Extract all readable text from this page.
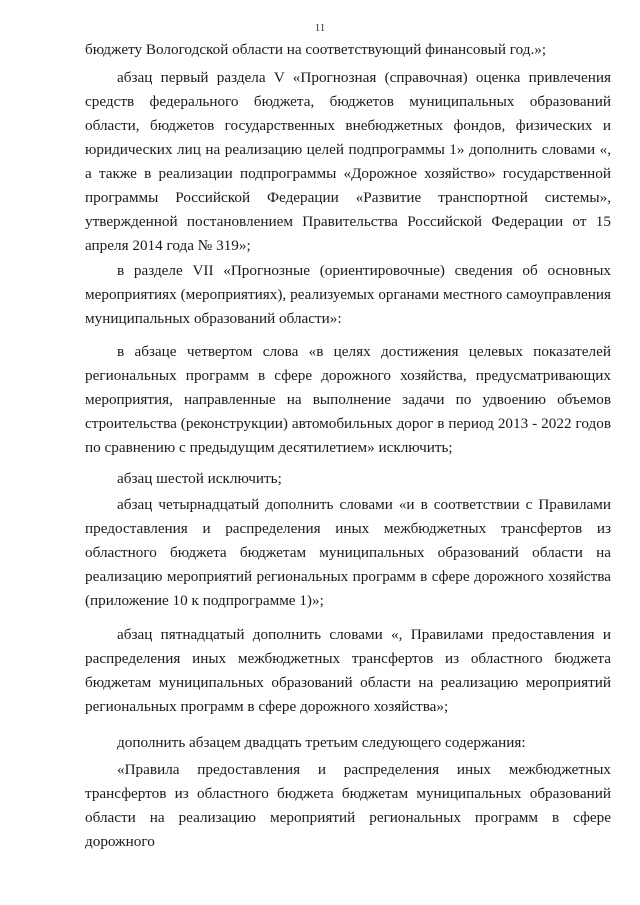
11
бюджету Вологодской области на соответствующий финансовый год.»;
абзац первый раздела V «Прогнозная (справочная) оценка привлечения средств федерального бюджета, бюджетов муниципальных образований области, бюджетов государственных внебюджетных фондов, физических и юридических лиц на реализацию целей подпрограммы 1» дополнить словами «, а также в реализации подпрограммы «Дорожное хозяйство» государственной программы Российской Федерации «Развитие транспортной системы», утвержденной постановлением Правительства Российской Федерации от 15 апреля 2014 года № 319»;
в разделе VII «Прогнозные (ориентировочные) сведения об основных мероприятиях (мероприятиях), реализуемых органами местного самоуправления муниципальных образований области»:
в абзаце четвертом слова «в целях достижения целевых показателей региональных программ в сфере дорожного хозяйства, предусматривающих мероприятия, направленные на выполнение задачи по удвоению объемов строительства (реконструкции) автомобильных дорог в период 2013 - 2022 годов по сравнению с предыдущим десятилетием» исключить;
абзац шестой исключить;
абзац четырнадцатый дополнить словами «и в соответствии с Правилами предоставления и распределения иных межбюджетных трансфертов из областного бюджета бюджетам муниципальных образований области на реализацию мероприятий региональных программ в сфере дорожного хозяйства (приложение 10 к подпрограмме 1)»;
абзац пятнадцатый дополнить словами «, Правилами предоставления и распределения иных межбюджетных трансфертов из областного бюджета бюджетам муниципальных образований области на реализацию мероприятий региональных программ в сфере дорожного хозяйства»;
дополнить абзацем двадцать третьим следующего содержания:
«Правила предоставления и распределения иных межбюджетных трансфертов из областного бюджета бюджетам муниципальных образований области на реализацию мероприятий региональных программ в сфере дорожного
